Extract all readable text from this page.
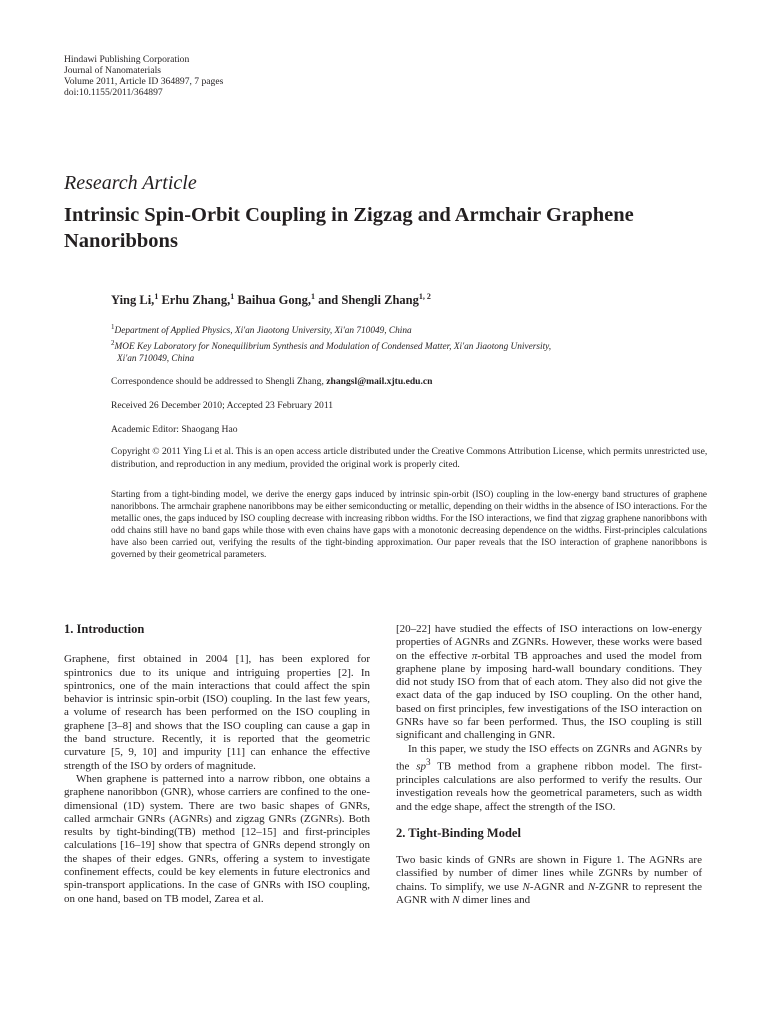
Hindawi Publishing Corporation
Journal of Nanomaterials
Volume 2011, Article ID 364897, 7 pages
doi:10.1155/2011/364897
Research Article
Intrinsic Spin-Orbit Coupling in Zigzag and Armchair Graphene Nanoribbons
Ying Li,$^1$ Erhu Zhang,$^1$ Baihua Gong,$^1$ and Shengli Zhang$^{1, 2}$
$^1$Department of Applied Physics, Xi'an Jiaotong University, Xi'an 710049, China
$^2$MOE Key Laboratory for Nonequilibrium Synthesis and Modulation of Condensed Matter, Xi'an Jiaotong University,
Xi'an 710049, China
Correspondence should be addressed to Shengli Zhang, zhangsl@mail.xjtu.edu.cn
Received 26 December 2010; Accepted 23 February 2011
Academic Editor: Shaogang Hao
Copyright © 2011 Ying Li et al. This is an open access article distributed under the Creative Commons Attribution License, which permits unrestricted use, distribution, and reproduction in any medium, provided the original work is properly cited.
Starting from a tight-binding model, we derive the energy gaps induced by intrinsic spin-orbit (ISO) coupling in the low-energy band structures of graphene nanoribbons. The armchair graphene nanoribbons may be either semiconducting or metallic, depending on their widths in the absence of ISO interactions. For the metallic ones, the gaps induced by ISO coupling decrease with increasing ribbon widths. For the ISO interactions, we find that zigzag graphene nanoribbons with odd chains still have no band gaps while those with even chains have gaps with a monotonic decreasing dependence on the widths. First-principles calculations have also been carried out, verifying the results of the tight-binding approximation. Our paper reveals that the ISO interaction of graphene nanoribbons is governed by their geometrical parameters.
1. Introduction

Graphene, first obtained in 2004 [1], has been explored for spintronics due to its unique and intriguing properties [2]. In spintronics, one of the main interactions that could affect the spin behavior is intrinsic spin-orbit (ISO) coupling. In the last few years, a volume of research has been performed on the ISO coupling in graphene [3–8] and shows that the ISO coupling can cause a gap in the band structure. Recently, it is reported that the geometric curvature [5, 9, 10] and impurity [11] can enhance the effective strength of the ISO by orders of magnitude.

When graphene is patterned into a narrow ribbon, one obtains a graphene nanoribbon (GNR), whose carriers are confined to the one-dimensional (1D) system. There are two basic shapes of GNRs, called armchair GNRs (AGNRs) and zigzag GNRs (ZGNRs). Both results by tight-binding(TB) method [12–15] and first-principles calculations [16–19] show that spectra of GNRs depend strongly on the shapes of their edges. GNRs, offering a system to investigate confinement effects, could be key elements in future electronics and spin-transport applications. In the case of GNRs with ISO coupling, on one hand, based on TB model, Zarea et al.

[20–22] have studied the effects of ISO interactions on low-energy properties of AGNRs and ZGNRs. However, these works were based on the effective π-orbital TB approaches and used the model from graphene plane by imposing hard-wall boundary conditions. They did not study ISO from that of each atom. They also did not give the exact data of the gap induced by ISO coupling. On the other hand, based on first principles, few investigations of the ISO interaction on GNRs have so far been performed. Thus, the ISO coupling is still significant and challenging in GNR.

In this paper, we study the ISO effects on ZGNRs and AGNRs by the $sp^3$ TB method from a graphene ribbon model. The first-principles calculations are also performed to verify the results. Our investigation reveals how the geometrical parameters, such as width and the edge shape, affect the strength of the ISO.

2. Tight-Binding Model

Two basic kinds of GNRs are shown in Figure 1. The AGNRs are classified by number of dimer lines while ZGNRs by number of chains. To simplify, we use N-AGNR and N-ZGNR to represent the AGNR with N dimer lines and
